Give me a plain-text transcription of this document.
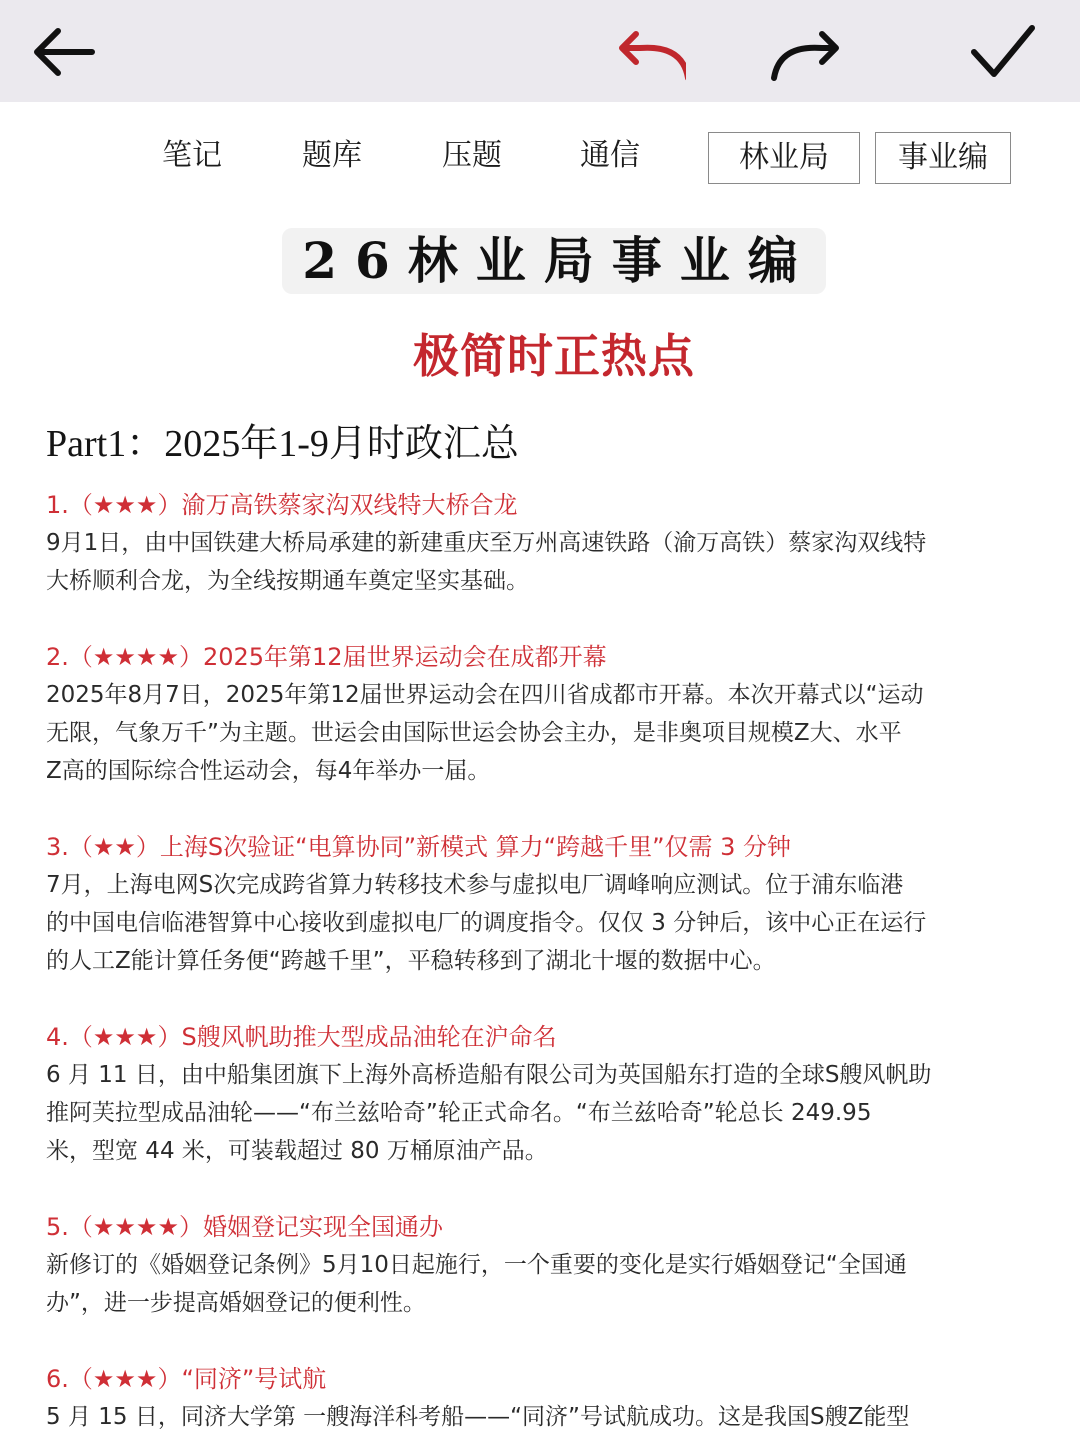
笔记	题库	压题	通信	林业局	事业编
26林业局事业编
极简时正热点
Part1：2025年1-9月时政汇总
1.（★★★）渝万高铁蔡家沟双线特大桥合龙
9月1日，由中国铁建大桥局承建的新建重庆至万州高速铁路（渝万高铁）蔡家沟双线特
大桥顺利合龙，为全线按期通车奠定坚实基础。
2.（★★★★）2025年第12届世界运动会在成都开幕
2025年8月7日，2025年第12届世界运动会在四川省成都市开幕。本次开幕式以“运动
无限，气象万千”为主题。世运会由国际世运会协会主办，是非奥项目规模Z大、水平
Z高的国际综合性运动会，每4年举办一届。
3.（★★）上海S次验证“电算协同”新模式 算力“跨越千里”仅需 3 分钟
7月，上海电网S次完成跨省算力转移技术参与虚拟电厂调峰响应测试。位于浦东临港
的中国电信临港智算中心接收到虚拟电厂的调度指令。仅仅 3 分钟后，该中心正在运行
的人工Z能计算任务便“跨越千里”，平稳转移到了湖北十堰的数据中心。
4.（★★★）S艘风帆助推大型成品油轮在沪命名
6 月 11 日，由中船集团旗下上海外高桥造船有限公司为英国船东打造的全球S艘风帆助
推阿芙拉型成品油轮——“布兰兹哈奇”轮正式命名。“布兰兹哈奇”轮总长 249.95
米，型宽 44 米，可装载超过 80 万桶原油产品。
5.（★★★★）婚姻登记实现全国通办
新修订的《婚姻登记条例》5月10日起施行，一个重要的变化是实行婚姻登记“全国通
办”，进一步提高婚姻登记的便利性。
6.（★★★）“同济”号试航
5 月 15 日，同济大学第 一艘海洋科考船——“同济”号试航成功。这是我国S艘Z能型
